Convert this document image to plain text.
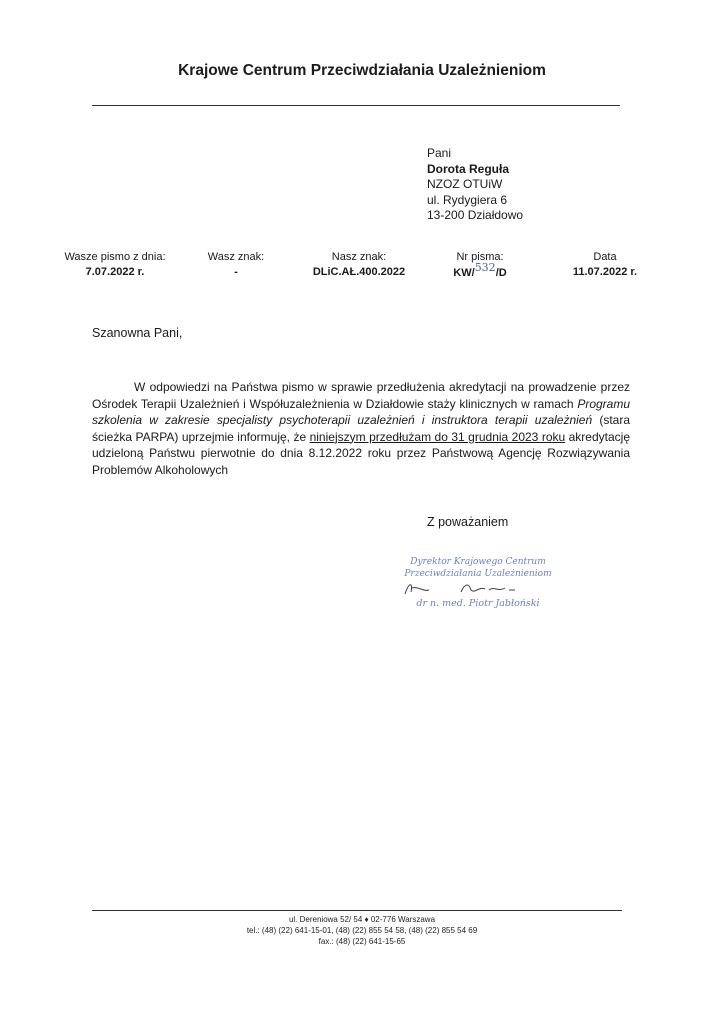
Krajowe Centrum Przeciwdziałania Uzależnieniom
Pani
Dorota Reguła
NZOZ OTUiW
ul. Rydygiera 6
13-200 Działdowo
Wasze pismo z dnia:
7.07.2022 r.
Wasz znak:
-
Nasz znak:
DLiC.AŁ.400.2022
Nr pisma:
KW/532/D
Data
11.07.2022 r.
Szanowna Pani,
W odpowiedzi na Państwa pismo w sprawie przedłużenia akredytacji na prowadzenie przez Ośrodek Terapii Uzależnień i Współuzależnienia w Działdowie staży klinicznych w ramach Programu szkolenia w zakresie specjalisty psychoterapii uzależnień i instruktora terapii uzależnień (stara ścieżka PARPA) uprzejmie informuję, że niniejszym przedłużam do 31 grudnia 2023 roku akredytację udzieloną Państwu pierwotnie do dnia 8.12.2022 roku przez Państwową Agencję Rozwiązywania Problemów Alkoholowych
Z poważaniem
Dyrektor Krajowego Centrum
Przeciwdziałania Uzależnieniom
dr n. med. Piotr Jabłoński
ul. Dereniowa 52/ 54 ♦ 02-776 Warszawa
tel.: (48) (22) 641-15-01, (48) (22) 855 54 58, (48) (22) 855 54 69
fax.: (48) (22) 641-15-65
